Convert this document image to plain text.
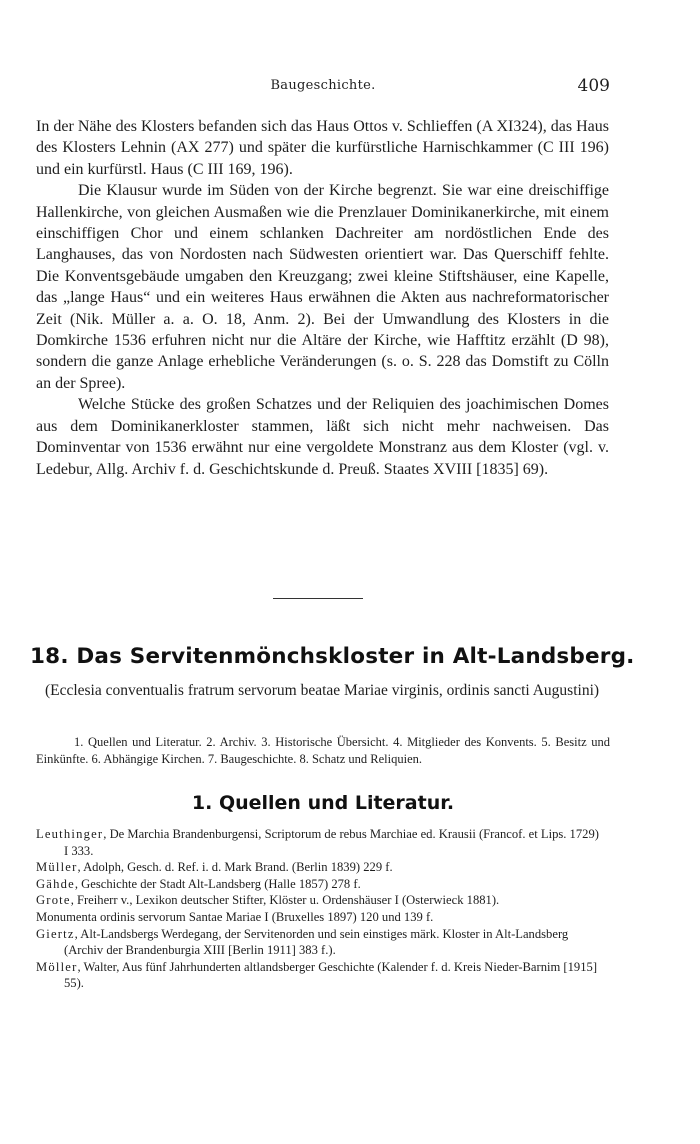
Baugeschichte.	409

In der Nähe des Klosters befanden sich das Haus Ottos v. Schlieffen (A XI324), das Haus des Klosters Lehnin (AX 277) und später die kurfürstliche Harnischkammer (C III 196) und ein kurfürstl. Haus (C III 169, 196).

Die Klausur wurde im Süden von der Kirche begrenzt. Sie war eine dreischiffige Hallenkirche, von gleichen Ausmaßen wie die Prenzlauer Dominikanerkirche, mit einem einschiffigen Chor und einem schlanken Dachreiter am nordöstlichen Ende des Langhauses, das von Nordosten nach Südwesten orientiert war. Das Querschiff fehlte. Die Konventsgebäude umgaben den Kreuzgang; zwei kleine Stiftshäuser, eine Kapelle, das „lange Haus“ und ein weiteres Haus erwähnen die Akten aus nachreformatorischer Zeit (Nik. Müller a. a. O. 18, Anm. 2). Bei der Umwandlung des Klosters in die Domkirche 1536 erfuhren nicht nur die Altäre der Kirche, wie Hafftitz erzählt (D 98), sondern die ganze Anlage erhebliche Veränderungen (s. o. S. 228 das Domstift zu Cölln an der Spree).

Welche Stücke des großen Schatzes und der Reliquien des joachimischen Domes aus dem Dominikanerkloster stammen, läßt sich nicht mehr nachweisen. Das Dominventar von 1536 erwähnt nur eine vergoldete Monstranz aus dem Kloster (vgl. v. Ledebur, Allg. Archiv f. d. Geschichtskunde d. Preuß. Staates XVIII [1835] 69).

18. Das Servitenmönchskloster in Alt-Landsberg.
(Ecclesia conventualis fratrum servorum beatae Mariae virginis, ordinis sancti Augustini)

1. Quellen und Literatur. 2. Archiv. 3. Historische Übersicht. 4. Mitglieder des Konvents. 5. Besitz und Einkünfte. 6. Abhängige Kirchen. 7. Baugeschichte. 8. Schatz und Reliquien.

1. Quellen und Literatur.

Leuthinger, De Marchia Brandenburgensi, Scriptorum de rebus Marchiae ed. Krausii (Francof. et Lips. 1729) I 333.

Müller, Adolph, Gesch. d. Ref. i. d. Mark Brand. (Berlin 1839) 229 f.

Gähde, Geschichte der Stadt Alt-Landsberg (Halle 1857) 278 f.

Grote, Freiherr v., Lexikon deutscher Stifter, Klöster u. Ordenshäuser I (Osterwieck 1881).

Monumenta ordinis servorum Santae Mariae I (Bruxelles 1897) 120 und 139 f.

Giertz, Alt-Landsbergs Werdegang, der Servitenorden und sein einstiges märk. Kloster in Alt-Landsberg (Archiv der Brandenburgia XIII [Berlin 1911] 383 f.).

Möller, Walter, Aus fünf Jahrhunderten altlandsberger Geschichte (Kalender f. d. Kreis Nieder-Barnim [1915] 55).
